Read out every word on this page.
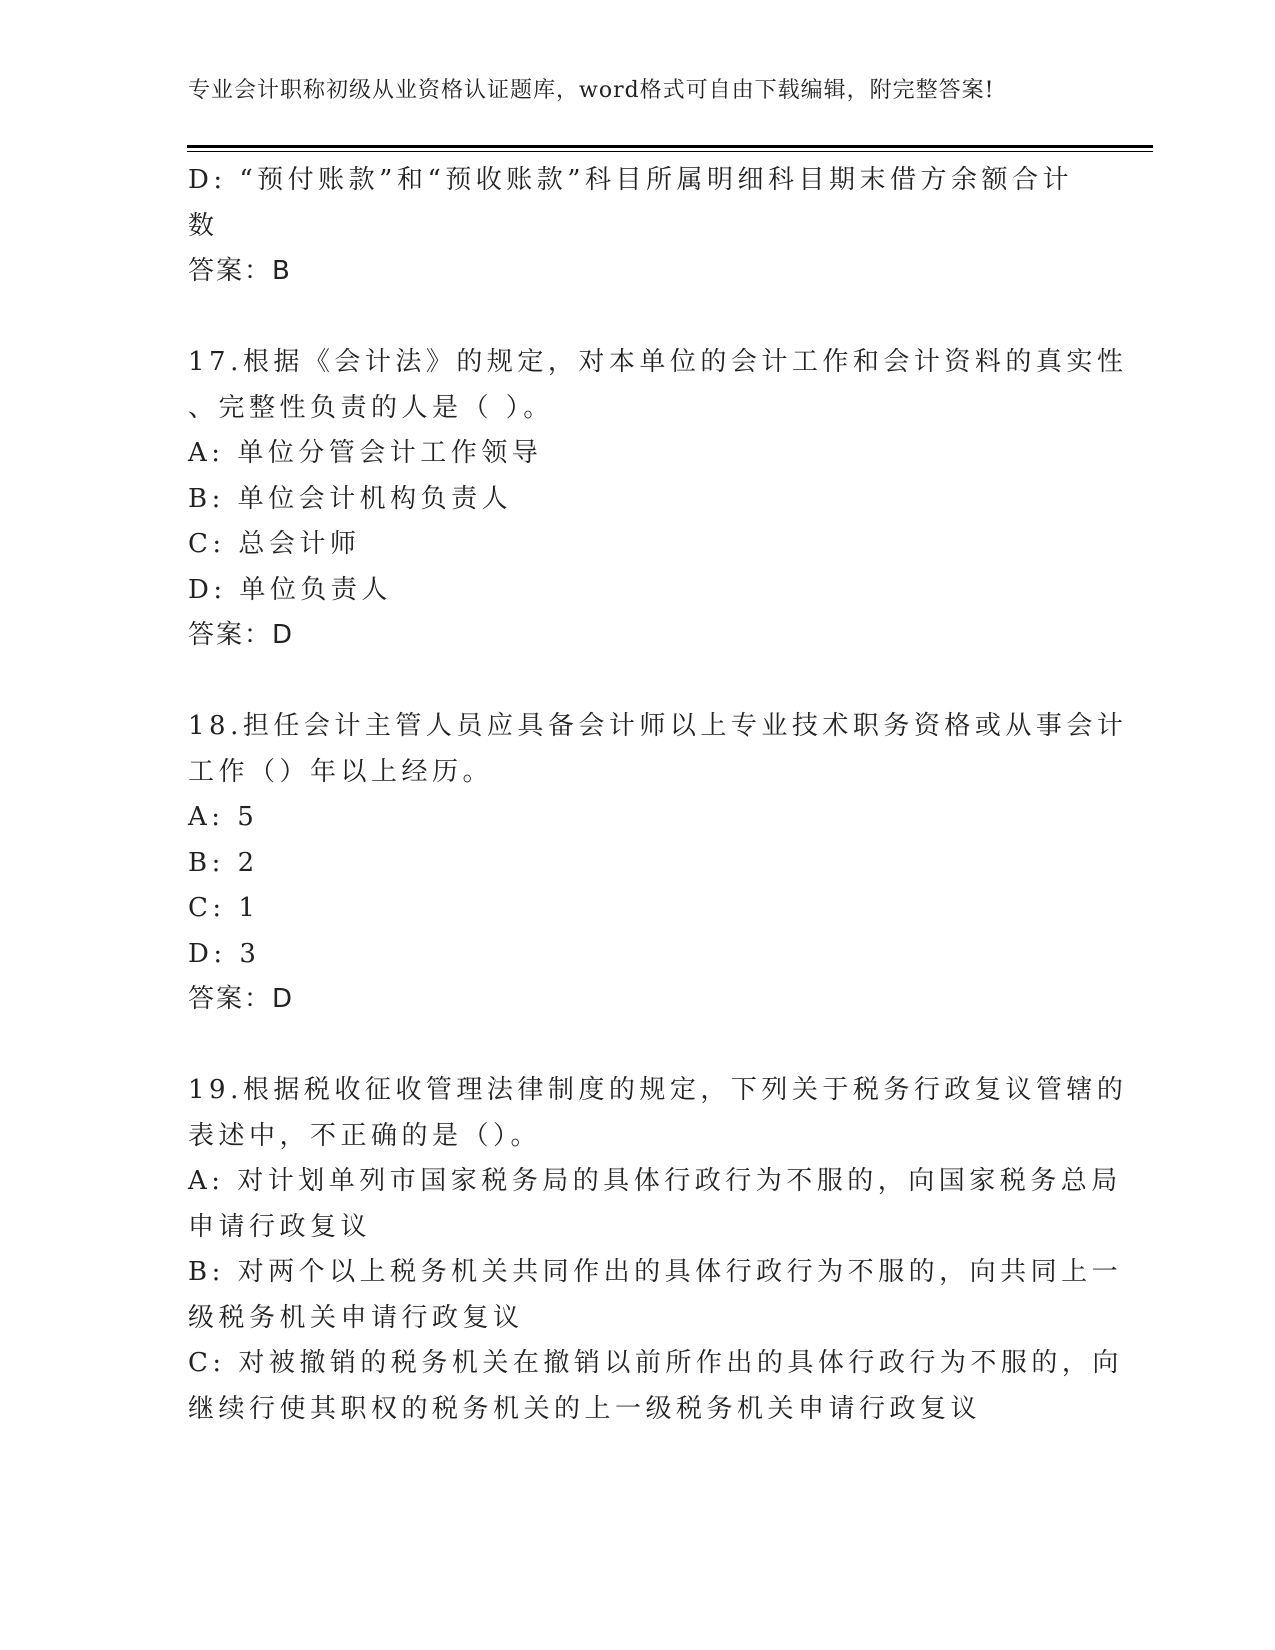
专业会计职称初级从业资格认证题库，word格式可自由下载编辑，附完整答案!
D: “预付账款”和“预收账款”科目所属明细科目期末借方余额合计
数
答案：B
17.根据《会计法》的规定，对本单位的会计工作和会计资料的真实性
、完整性负责的人是（ ）。
A: 单位分管会计工作领导
B: 单位会计机构负责人
C: 总会计师
D: 单位负责人
答案：D
18.担任会计主管人员应具备会计师以上专业技术职务资格或从事会计
工作（）年以上经历。
A: 5
B: 2
C: 1
D: 3
答案：D
19.根据税收征收管理法律制度的规定，下列关于税务行政复议管辖的
表述中，不正确的是（）。
A: 对计划单列市国家税务局的具体行政行为不服的，向国家税务总局
申请行政复议
B: 对两个以上税务机关共同作出的具体行政行为不服的，向共同上一
级税务机关申请行政复议
C: 对被撤销的税务机关在撤销以前所作出的具体行政行为不服的，向
继续行使其职权的税务机关的上一级税务机关申请行政复议
